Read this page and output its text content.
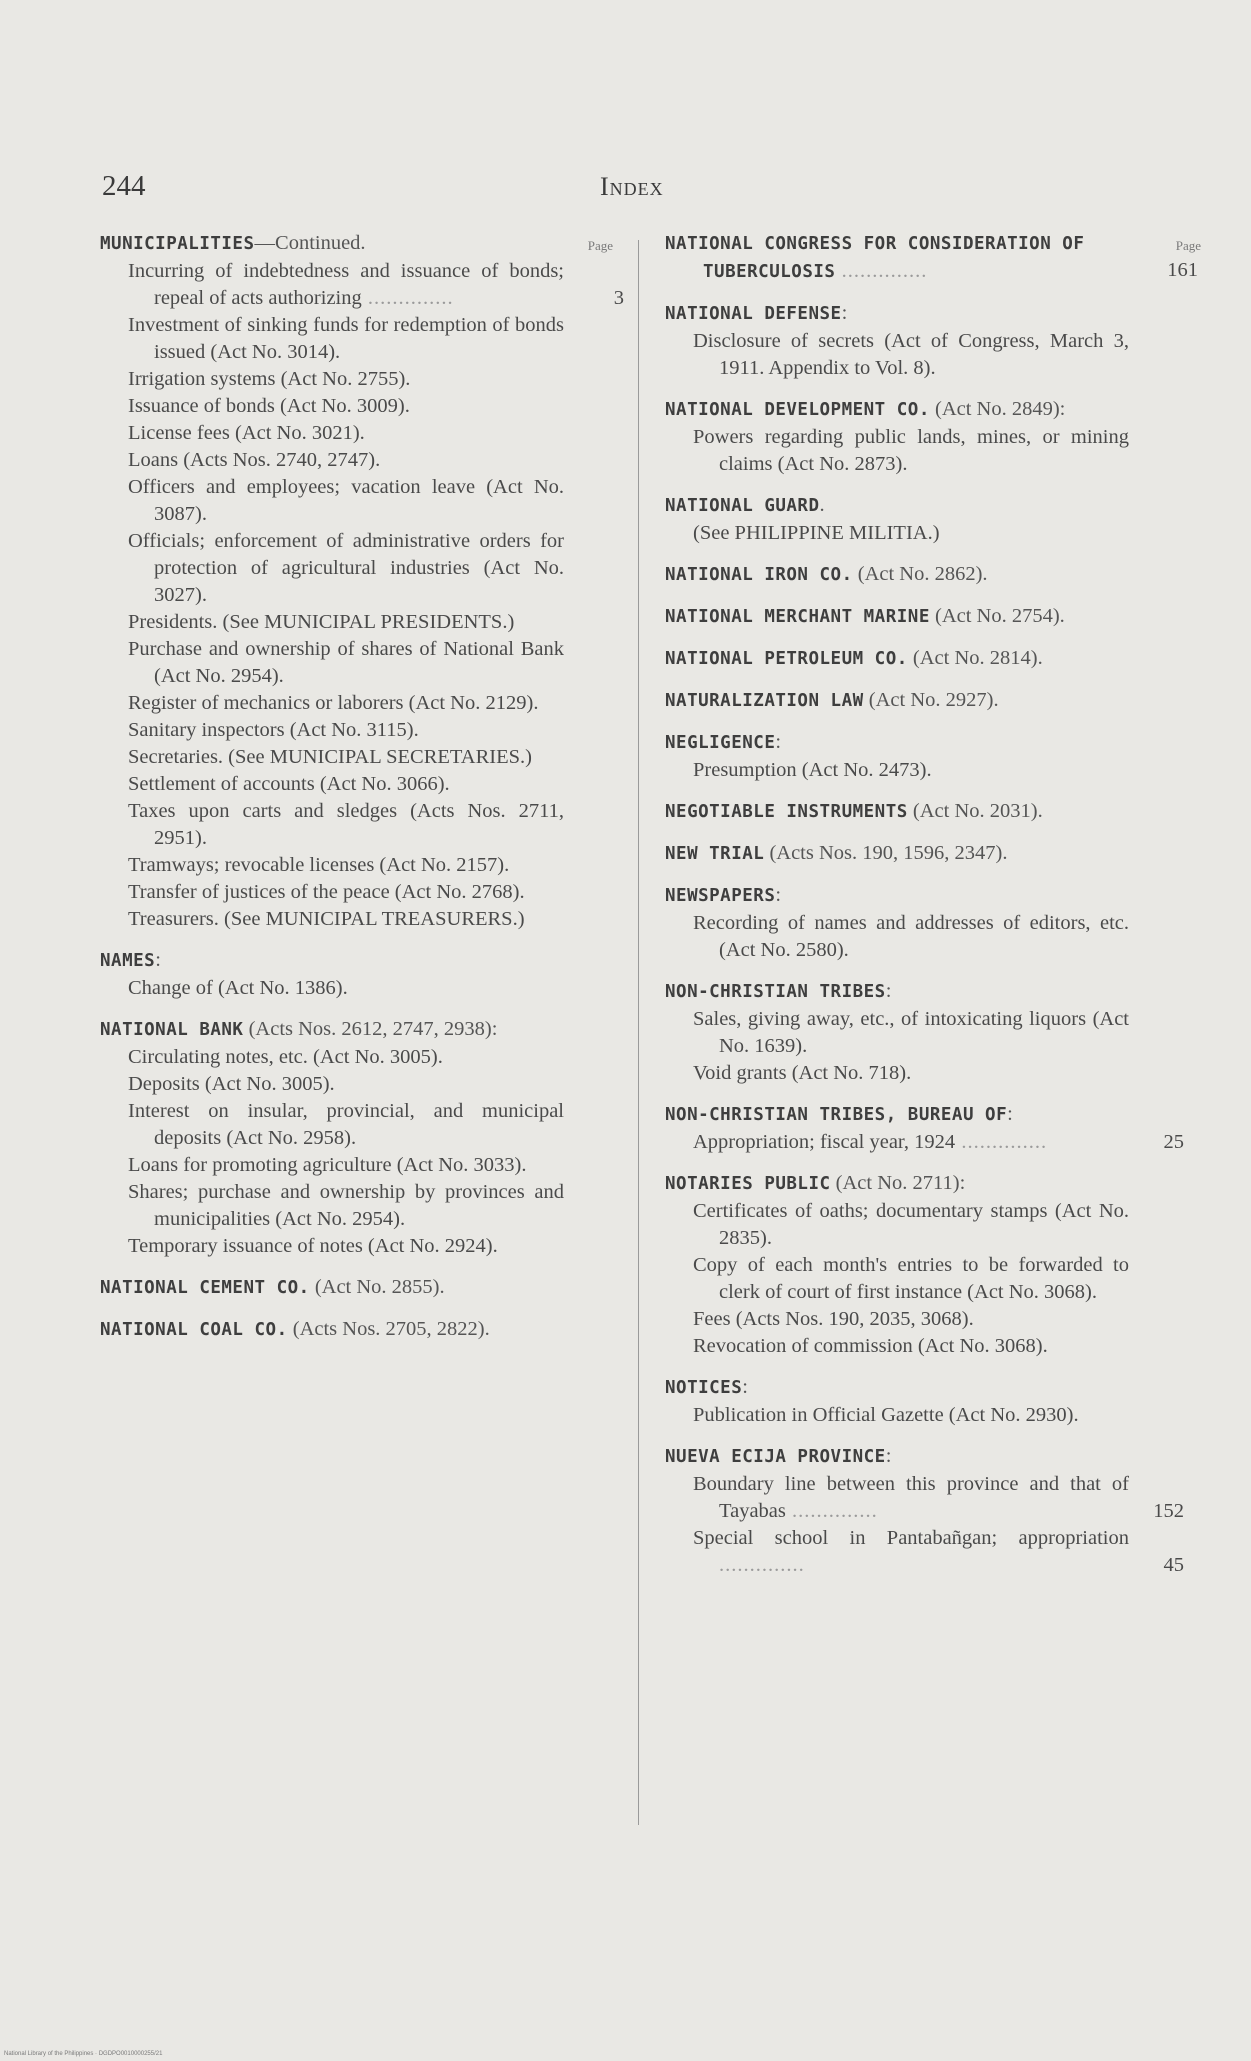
244	Index
Page
MUNICIPALITIES—Continued.
Incurring of indebtedness and issuance of bonds; repeal of acts authorizing ..............	3
Investment of sinking funds for redemption of bonds issued (Act No. 3014).
Irrigation systems (Act No. 2755).
Issuance of bonds (Act No. 3009).
License fees (Act No. 3021).
Loans (Acts Nos. 2740, 2747).
Officers and employees; vacation leave (Act No. 3087).
Officials; enforcement of administrative orders for protection of agricultural industries (Act No. 3027).
Presidents. (See MUNICIPAL PRESIDENTS.)
Purchase and ownership of shares of National Bank (Act No. 2954).
Register of mechanics or laborers (Act No. 2129).
Sanitary inspectors (Act No. 3115).
Secretaries. (See MUNICIPAL SECRETARIES.)
Settlement of accounts (Act No. 3066).
Taxes upon carts and sledges (Acts Nos. 2711, 2951).
Tramways; revocable licenses (Act No. 2157).
Transfer of justices of the peace (Act No. 2768).
Treasurers. (See MUNICIPAL TREASURERS.)
NAMES:
Change of (Act No. 1386).
NATIONAL BANK (Acts Nos. 2612, 2747, 2938):
Circulating notes, etc. (Act No. 3005).
Deposits (Act No. 3005).
Interest on insular, provincial, and municipal deposits (Act No. 2958).
Loans for promoting agriculture (Act No. 3033).
Shares; purchase and ownership by provinces and municipalities (Act No. 2954).
Temporary issuance of notes (Act No. 2924).
NATIONAL CEMENT CO. (Act No. 2855).
NATIONAL COAL CO. (Acts Nos. 2705, 2822).
Page
NATIONAL CONGRESS FOR CONSIDERATION OF TUBERCULOSIS ..............	161
NATIONAL DEFENSE:
Disclosure of secrets (Act of Congress, March 3, 1911. Appendix to Vol. 8).
NATIONAL DEVELOPMENT CO. (Act No. 2849):
Powers regarding public lands, mines, or mining claims (Act No. 2873).
NATIONAL GUARD.
(See PHILIPPINE MILITIA.)
NATIONAL IRON CO. (Act No. 2862).
NATIONAL MERCHANT MARINE (Act No. 2754).
NATIONAL PETROLEUM CO. (Act No. 2814).
NATURALIZATION LAW (Act No. 2927).
NEGLIGENCE:
Presumption (Act No. 2473).
NEGOTIABLE INSTRUMENTS (Act No. 2031).
NEW TRIAL (Acts Nos. 190, 1596, 2347).
NEWSPAPERS:
Recording of names and addresses of editors, etc. (Act No. 2580).
NON-CHRISTIAN TRIBES:
Sales, giving away, etc., of intoxicating liquors (Act No. 1639).
Void grants (Act No. 718).
NON-CHRISTIAN TRIBES, BUREAU OF:
Appropriation; fiscal year, 1924 ..............	25
NOTARIES PUBLIC (Act No. 2711):
Certificates of oaths; documentary stamps (Act No. 2835).
Copy of each month's entries to be forwarded to clerk of court of first instance (Act No. 3068).
Fees (Acts Nos. 190, 2035, 3068).
Revocation of commission (Act No. 3068).
NOTICES:
Publication in Official Gazette (Act No. 2930).
NUEVA ECIJA PROVINCE:
Boundary line between this province and that of Tayabas ..............	152
Special school in Pantabañgan; appropriation ..............	45
National Library of the Philippines · DGDPO0010000255/21
